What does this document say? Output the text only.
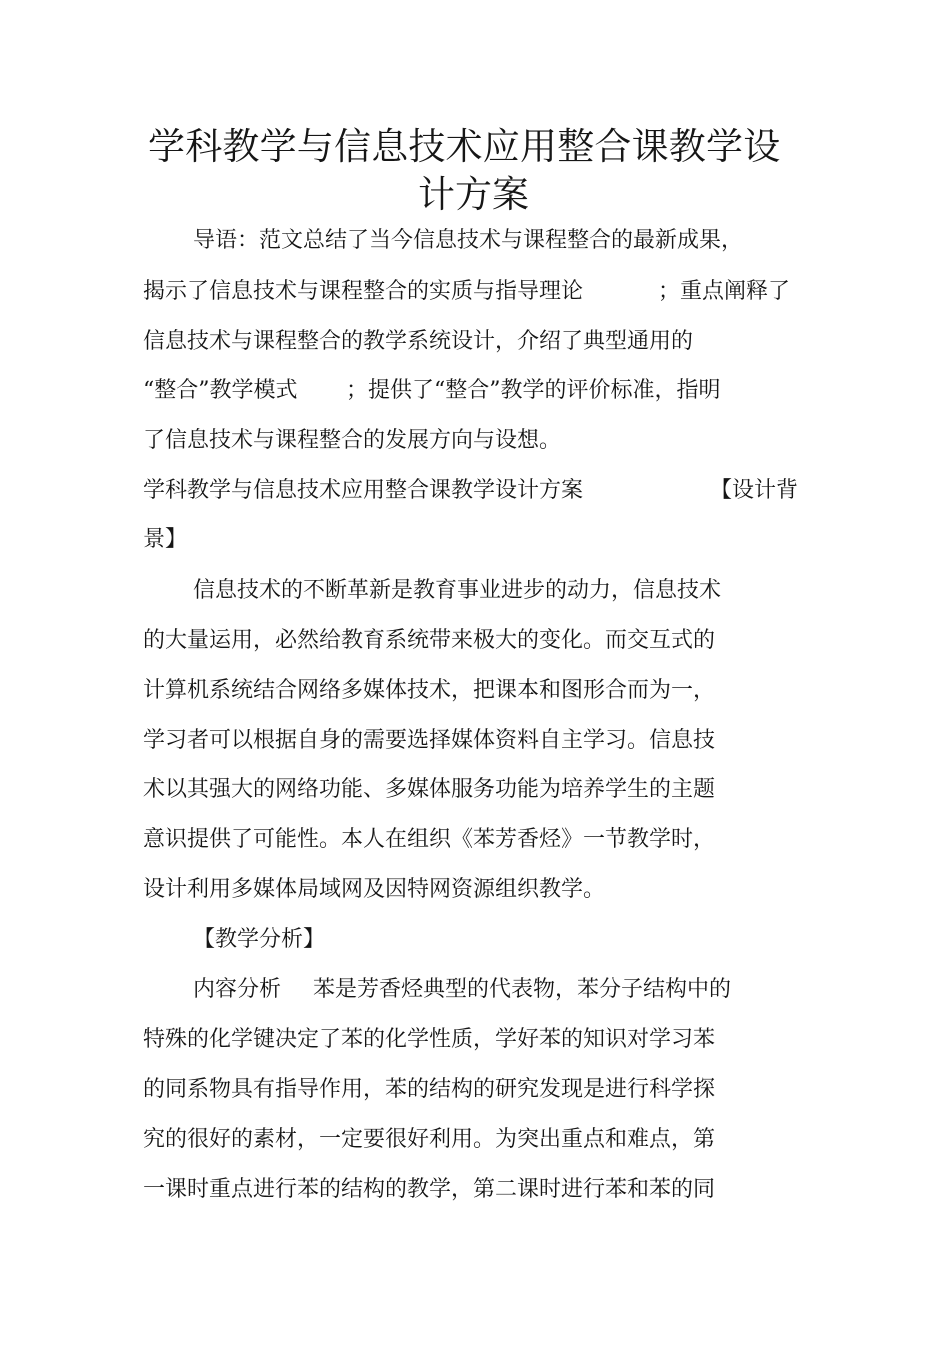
学科教学与信息技术应用整合课教学设
计方案
导语：范文总结了当今信息技术与课程整合的最新成果，
揭示了信息技术与课程整合的实质与指导理论	；重点阐释了
信息技术与课程整合的教学系统设计，介绍了典型通用的
“整合”教学模式 ；提供了“整合”教学的评价标准，指明
了信息技术与课程整合的发展方向与设想。
学科教学与信息技术应用整合课教学设计方案	【设计背
景】
信息技术的不断革新是教育事业进步的动力，信息技术
的大量运用，必然给教育系统带来极大的变化。而交互式的
计算机系统结合网络多媒体技术，把课本和图形合而为一，
学习者可以根据自身的需要选择媒体资料自主学习。信息技
术以其强大的网络功能、多媒体服务功能为培养学生的主题
意识提供了可能性。本人在组织《苯芳香烃》一节教学时，
设计利用多媒体局域网及因特网资源组织教学。
【教学分析】
内容分析 苯是芳香烃典型的代表物，苯分子结构中的
特殊的化学键决定了苯的化学性质，学好苯的知识对学习苯
的同系物具有指导作用，苯的结构的研究发现是进行科学探
究的很好的素材，一定要很好利用。为突出重点和难点，第
一课时重点进行苯的结构的教学，第二课时进行苯和苯的同
